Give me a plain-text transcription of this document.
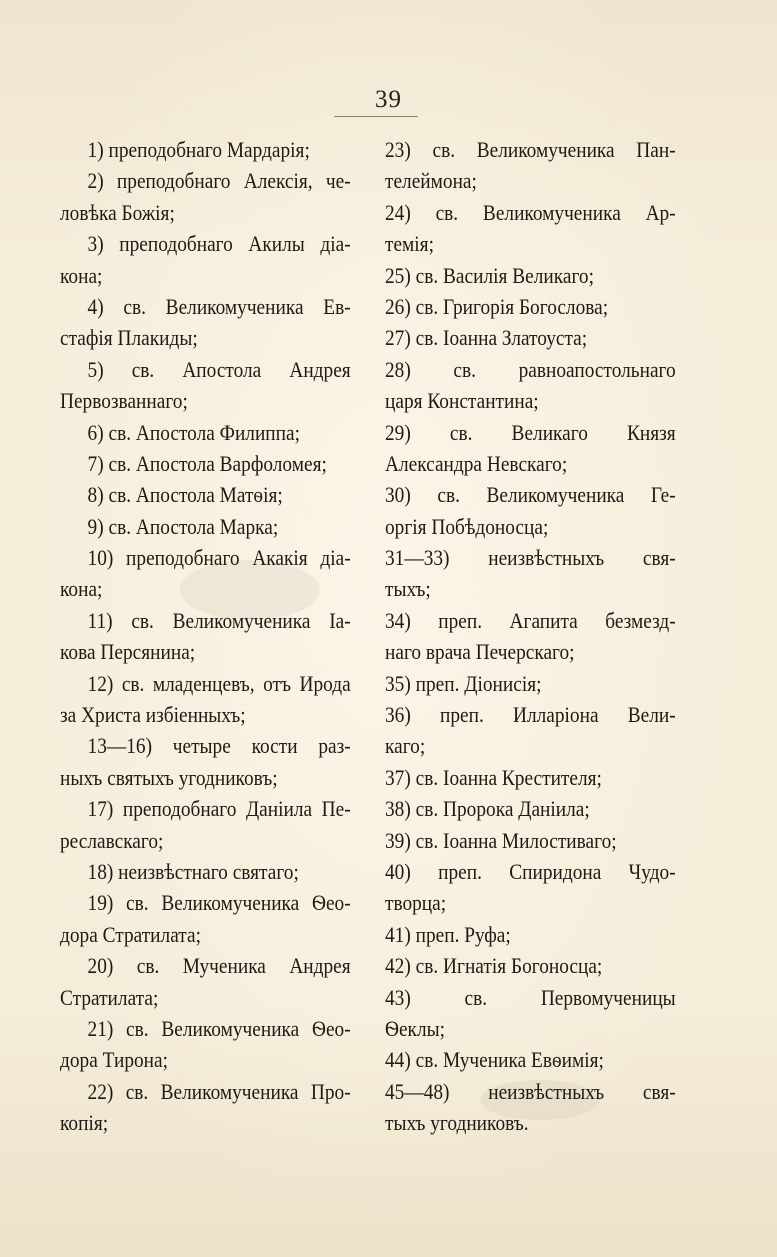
39
1) преподобнаго Мардарія;
2) преподобнаго Алексія, че-
ловѣка Божія;
3) преподобнаго Акилы діа-
кона;
4) св. Великомученика Ев-
стафія Плакиды;
5) св. Апостола Андрея
Первозваннаго;
6) св. Апостола Филиппа;
7) св. Апостола Варфоломея;
8) св. Апостола Матѳія;
9) св. Апостола Марка;
10) преподобнаго Акакія діа-
кона;
11) св. Великомученика Іа-
кова Персянина;
12) св. младенцевъ, отъ Ирода
за Христа избіенныхъ;
13—16) четыре кости раз-
ныхъ святыхъ угодниковъ;
17) преподобнаго Даніила Пе-
реславскаго;
18) неизвѣстнаго святаго;
19) св. Великомученика Ѳео-
дора Стратилата;
20) св. Мученика Андрея
Стратилата;
21) св. Великомученика Ѳео-
дора Тирона;
22) св. Великомученика Про-
копія;
23) св. Великомученика Пан-
телеймона;
24) св. Великомученика Ар-
темія;
25) св. Василія Великаго;
26) св. Григорія Богослова;
27) св. Іоанна Златоуста;
28) св. равноапостольнаго
царя Константина;
29) св. Великаго Князя
Александра Невскаго;
30) св. Великомученика Ге-
оргія Побѣдоносца;
31—33) неизвѣстныхъ свя-
тыхъ;
34) преп. Агапита безмезд-
наго врача Печерскаго;
35) преп. Діонисія;
36) преп. Илларіона Вели-
каго;
37) св. Іоанна Крестителя;
38) св. Пророка Даніила;
39) св. Іоанна Милостиваго;
40) преп. Спиридона Чудо-
творца;
41) преп. Руфа;
42) св. Игнатія Богоносца;
43) св. Первомученицы
Ѳеклы;
44) св. Мученика Евѳимія;
45—48) неизвѣстныхъ свя-
тыхъ угодниковъ.
